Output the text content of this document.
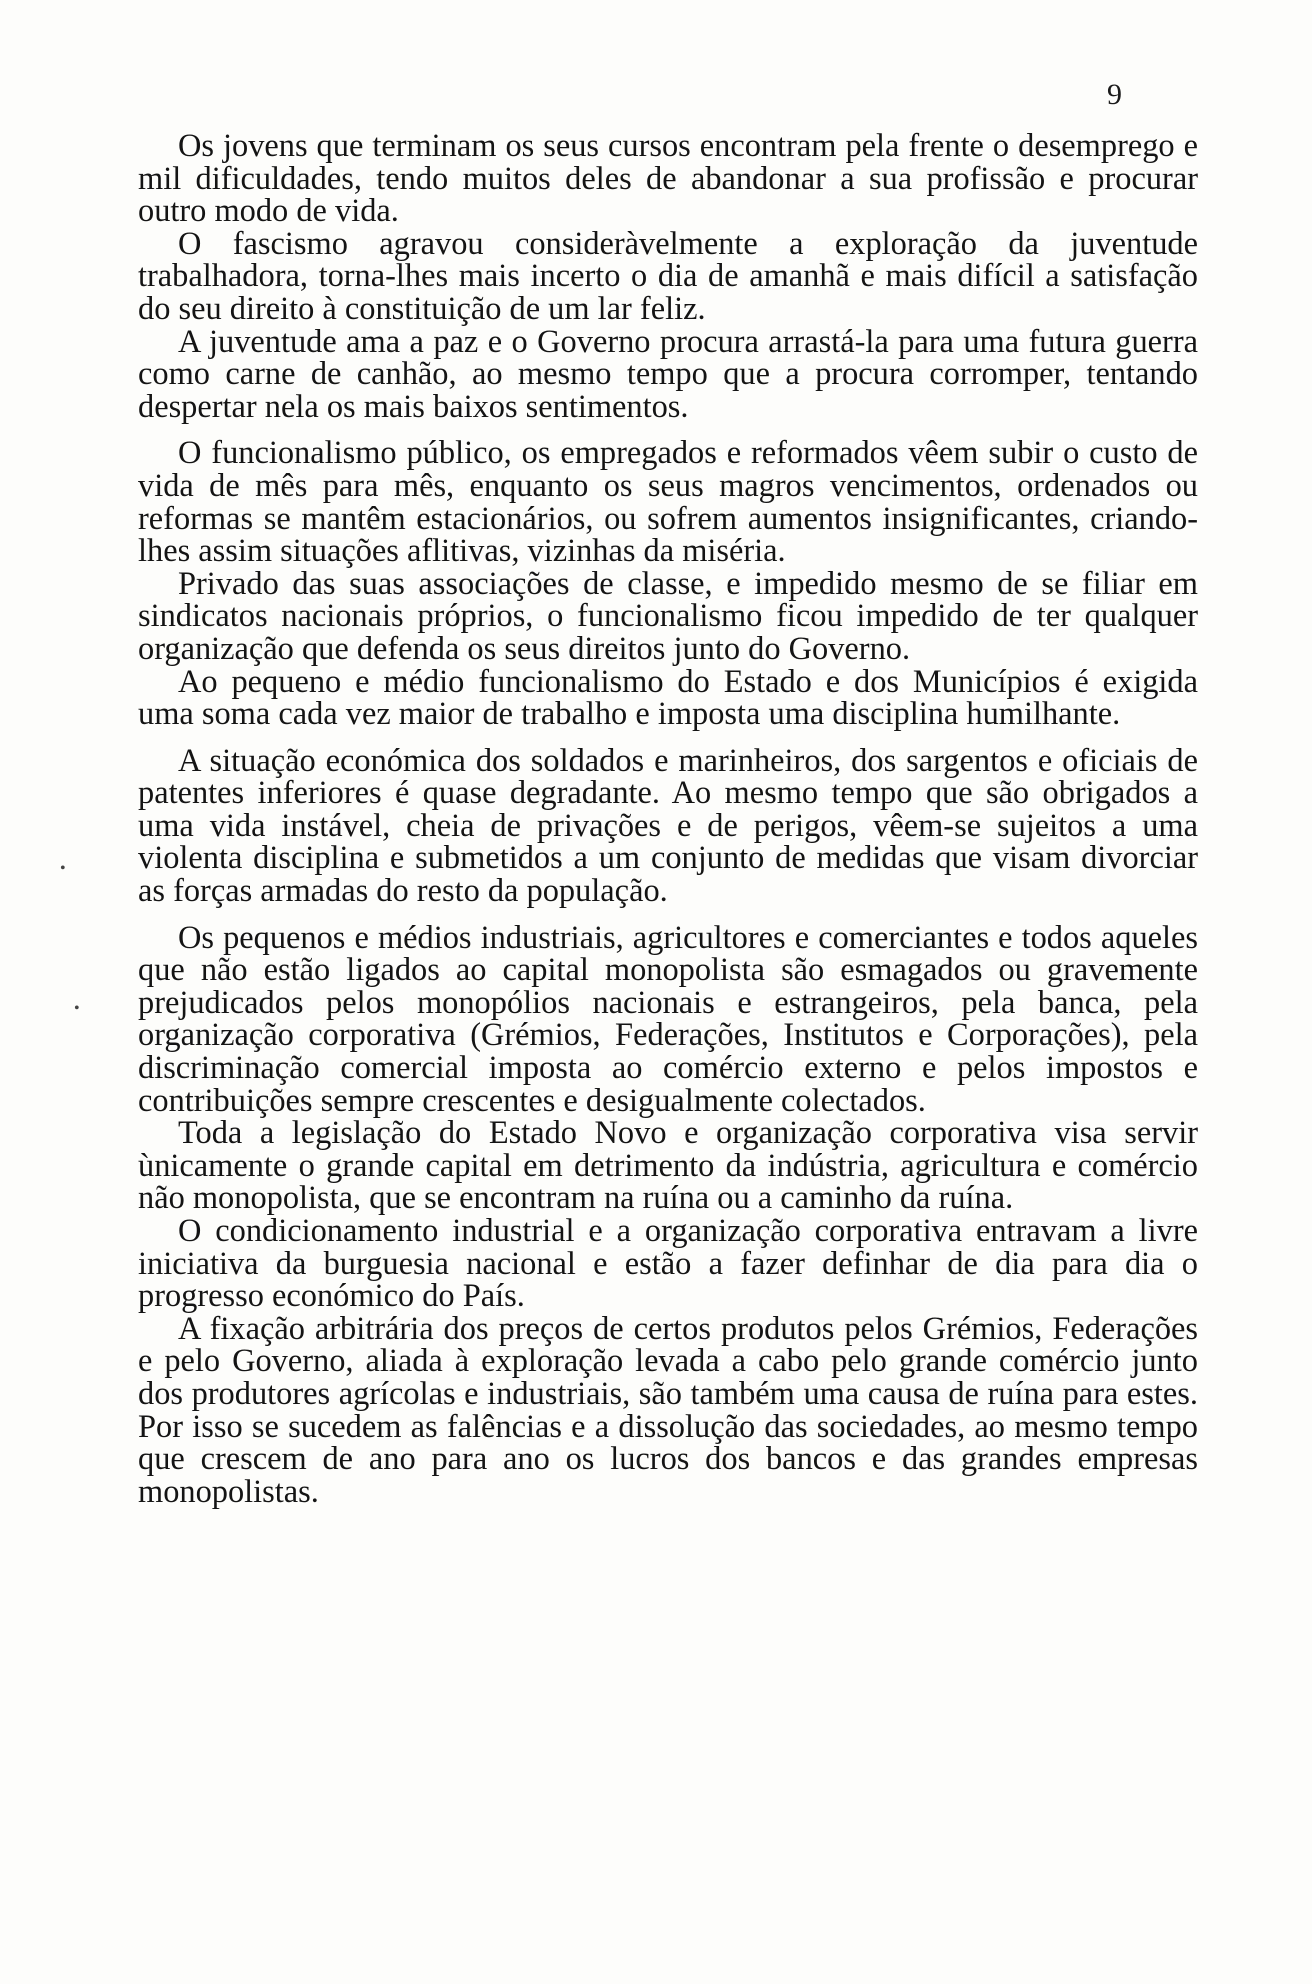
9

Os jovens que terminam os seus cursos encontram pela frente o desemprego e mil dificuldades, tendo muitos deles de abandonar a sua profissão e procurar outro modo de vida.

O fascismo agravou consideràvelmente a exploração da juventude trabalhadora, torna-lhes mais incerto o dia de amanhã e mais difícil a satisfação do seu direito à constituição de um lar feliz.

A juventude ama a paz e o Governo procura arrastá-la para uma futura guerra como carne de canhão, ao mesmo tempo que a procura corromper, tentando despertar nela os mais baixos sentimentos.

O funcionalismo público, os empregados e reformados vêem subir o custo de vida de mês para mês, enquanto os seus magros vencimentos, ordenados ou reformas se mantêm estacionários, ou sofrem aumentos insignificantes, criando-lhes assim situações aflitivas, vizinhas da miséria.

Privado das suas associações de classe, e impedido mesmo de se filiar em sindicatos nacionais próprios, o funcionalismo ficou impedido de ter qualquer organização que defenda os seus direitos junto do Governo.

Ao pequeno e médio funcionalismo do Estado e dos Municípios é exigida uma soma cada vez maior de trabalho e imposta uma disciplina humilhante.

A situação económica dos soldados e marinheiros, dos sargentos e oficiais de patentes inferiores é quase degradante. Ao mesmo tempo que são obrigados a uma vida instável, cheia de privações e de perigos, vêem-se sujeitos a uma violenta disciplina e submetidos a um conjunto de medidas que visam divorciar as forças armadas do resto da população.

Os pequenos e médios industriais, agricultores e comerciantes e todos aqueles que não estão ligados ao capital monopolista são esmagados ou gravemente prejudicados pelos monopólios nacionais e estrangeiros, pela banca, pela organização corporativa (Grémios, Federações, Institutos e Corporações), pela discriminação comercial imposta ao comércio externo e pelos impostos e contribuições sempre crescentes e desigualmente colectados.

Toda a legislação do Estado Novo e organização corporativa visa servir ùnicamente o grande capital em detrimento da indústria, agricultura e comércio não monopolista, que se encontram na ruína ou a caminho da ruína.

O condicionamento industrial e a organização corporativa entravam a livre iniciativa da burguesia nacional e estão a fazer definhar de dia para dia o progresso económico do País.

A fixação arbitrária dos preços de certos produtos pelos Grémios, Federações e pelo Governo, aliada à exploração levada a cabo pelo grande comércio junto dos produtores agrícolas e industriais, são também uma causa de ruína para estes. Por isso se sucedem as falências e a dissolução das sociedades, ao mesmo tempo que crescem de ano para ano os lucros dos bancos e das grandes empresas monopolistas.

•
•
